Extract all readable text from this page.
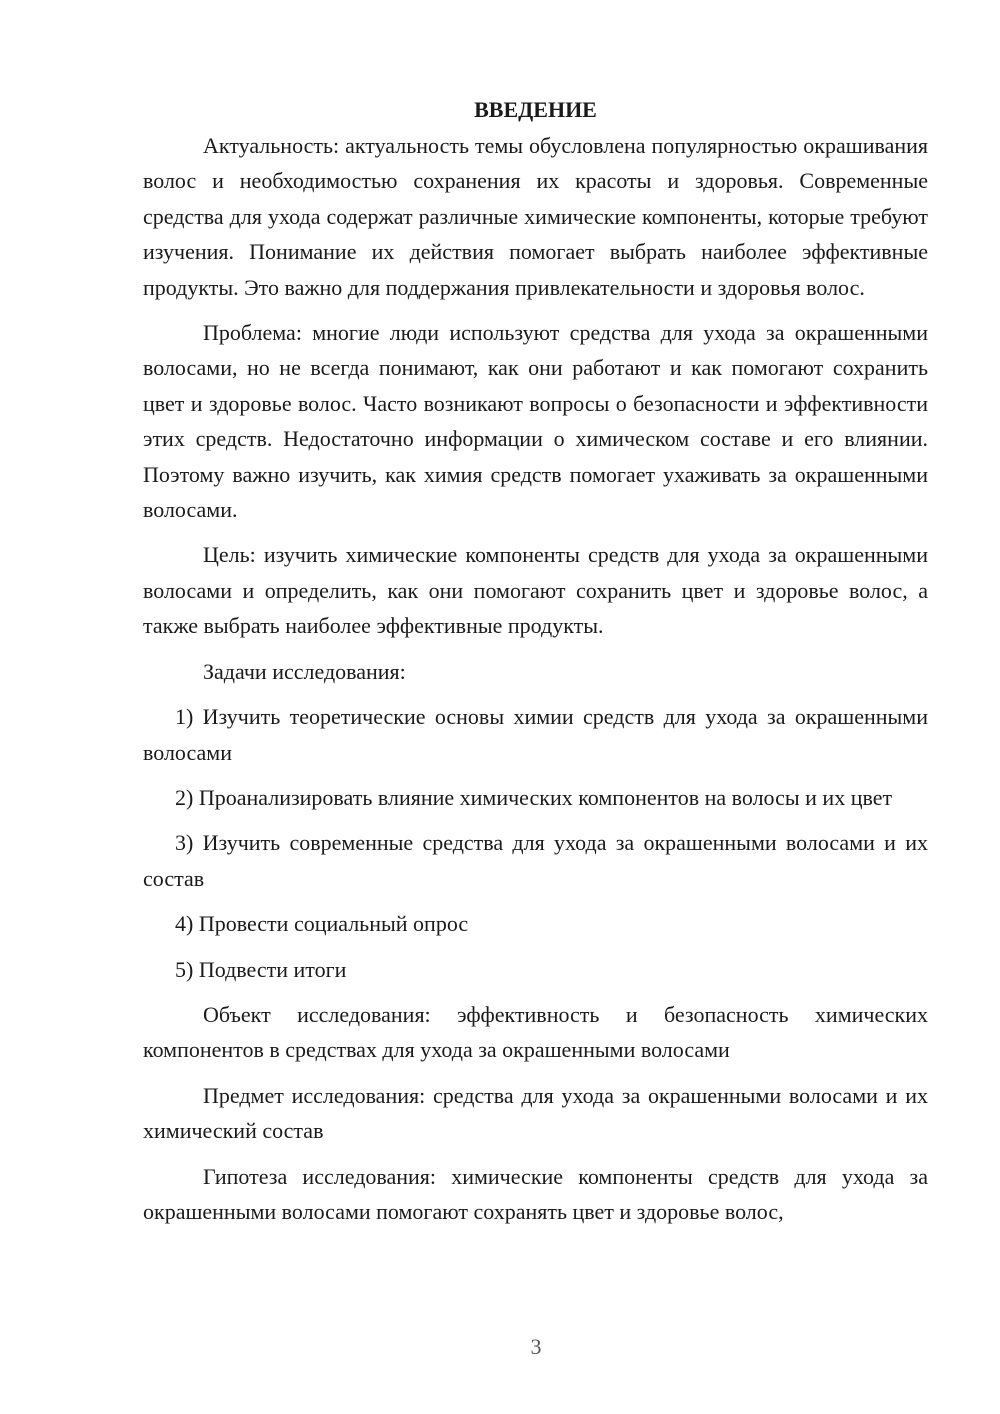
ВВЕДЕНИЕ

Актуальность: актуальность темы обусловлена популярностью окрашивания волос и необходимостью сохранения их красоты и здоровья. Современные средства для ухода содержат различные химические компоненты, которые требуют изучения. Понимание их действия помогает выбрать наиболее эффективные продукты. Это важно для поддержания привлекательности и здоровья волос.

Проблема: многие люди используют средства для ухода за окрашенными волосами, но не всегда понимают, как они работают и как помогают сохранить цвет и здоровье волос. Часто возникают вопросы о безопасности и эффективности этих средств. Недостаточно информации о химическом составе и его влиянии. Поэтому важно изучить, как химия средств помогает ухаживать за окрашенными волосами.

Цель: изучить химические компоненты средств для ухода за окрашенными волосами и определить, как они помогают сохранить цвет и здоровье волос, а также выбрать наиболее эффективные продукты.

Задачи исследования:

1) Изучить теоретические основы химии средств для ухода за окрашенными волосами

2) Проанализировать влияние химических компонентов на волосы и их цвет

3) Изучить современные средства для ухода за окрашенными волосами и их состав

4) Провести социальный опрос

5) Подвести итоги

Объект исследования: эффективность и безопасность химических компонентов в средствах для ухода за окрашенными волосами

Предмет исследования: средства для ухода за окрашенными волосами и их химический состав

Гипотеза исследования: химические компоненты средств для ухода за окрашенными волосами помогают сохранять цвет и здоровье волос,

3
